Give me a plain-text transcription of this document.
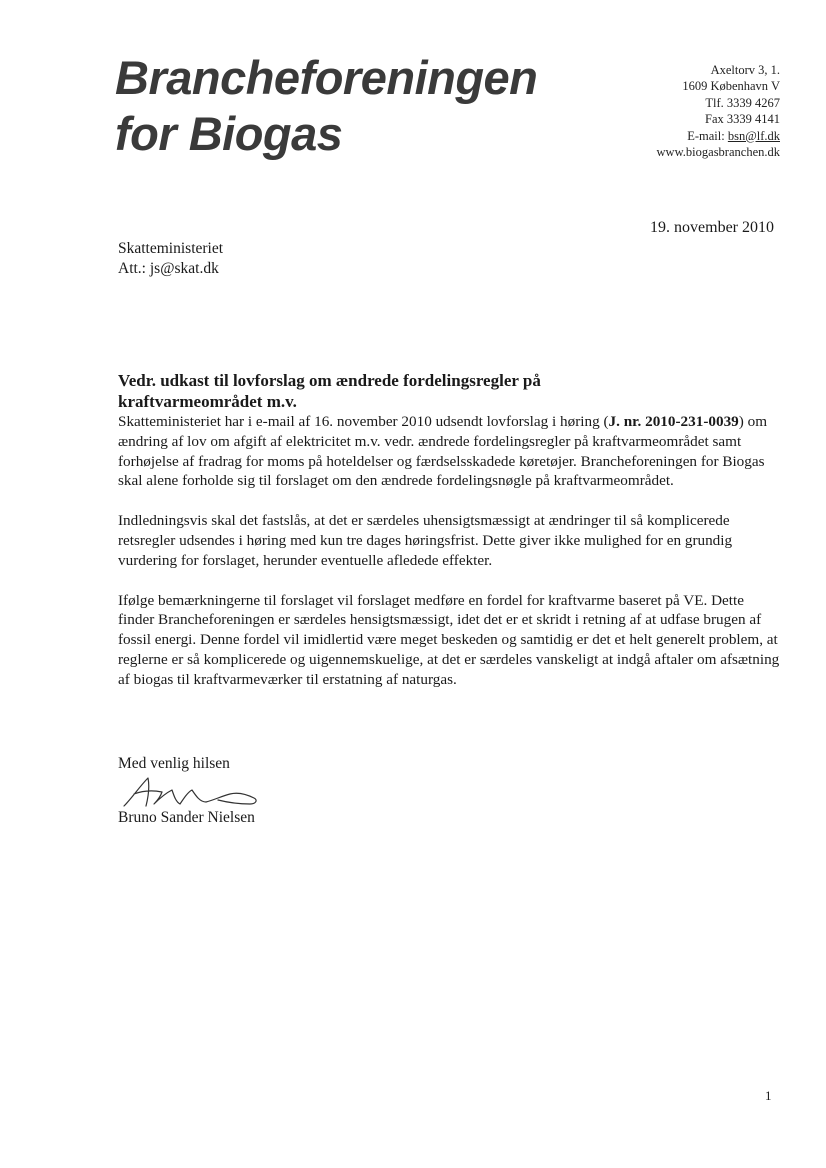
Brancheforeningen
for Biogas
Axeltorv 3, 1.
1609 København V
Tlf. 3339 4267
Fax 3339 4141
E-mail: bsn@lf.dk
www.biogasbranchen.dk
19. november 2010
Skatteministeriet
Att.: js@skat.dk
Vedr. udkast til lovforslag om ændrede fordelingsregler på
kraftvarmeområdet m.v.

Skatteministeriet har i e-mail af 16. november 2010 udsendt lovforslag i høring (J. nr. 2010-231-0039) om ændring af lov om afgift af elektricitet m.v. vedr. ændrede fordelingsregler på kraftvarmeområdet samt forhøjelse af fradrag for moms på hoteldelser og færdselsskadede køretøjer. Brancheforeningen for Biogas skal alene forholde sig til forslaget om den ændrede fordelingsnøgle på kraftvarmeområdet.

Indledningsvis skal det fastslås, at det er særdeles uhensigtsmæssigt at ændringer til så komplicerede retsregler udsendes i høring med kun tre dages høringsfrist. Dette giver ikke mulighed for en grundig vurdering for forslaget, herunder eventuelle afledede effekter.

Ifølge bemærkningerne til forslaget vil forslaget medføre en fordel for kraftvarme baseret på VE. Dette finder Brancheforeningen er særdeles hensigtsmæssigt, idet det er et skridt i retning af at udfase brugen af fossil energi. Denne fordel vil imidlertid være meget beskeden og samtidig er det et helt generelt problem, at reglerne er så komplicerede og uigennemskuelige, at det er særdeles vanskeligt at indgå aftaler om afsætning af biogas til kraftvarmeværker til erstatning af naturgas.

Med venlig hilsen
Bruno Sander Nielsen
1
